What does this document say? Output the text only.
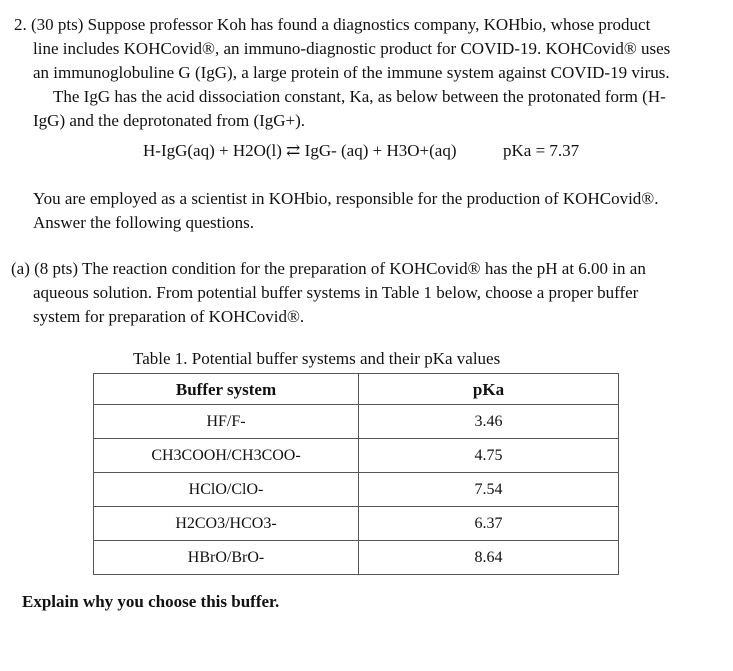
2. (30 pts) Suppose professor Koh has found a diagnostics company, KOHbio, whose product
line includes KOHCovid®, an immuno-diagnostic product for COVID-19. KOHCovid® uses
an immunoglobuline G (IgG), a large protein of the immune system against COVID-19 virus.
The IgG has the acid dissociation constant, Ka, as below between the protonated form (H-
IgG) and the deprotonated from (IgG+).
H-IgG(aq) + H2O(l) ⇄ IgG- (aq) + H3O+(aq)	pKa = 7.37
You are employed as a scientist in KOHbio, responsible for the production of KOHCovid®.
Answer the following questions.
(a) (8 pts) The reaction condition for the preparation of KOHCovid® has the pH at 6.00 in an
aqueous solution. From potential buffer systems in Table 1 below, choose a proper buffer
system for preparation of KOHCovid®.
Table 1. Potential buffer systems and their pKa values
Buffer system	pKa
HF/F-	3.46
CH3COOH/CH3COO-	4.75
HClO/ClO-	7.54
H2CO3/HCO3-	6.37
HBrO/BrO-	8.64
Explain why you choose this buffer.
